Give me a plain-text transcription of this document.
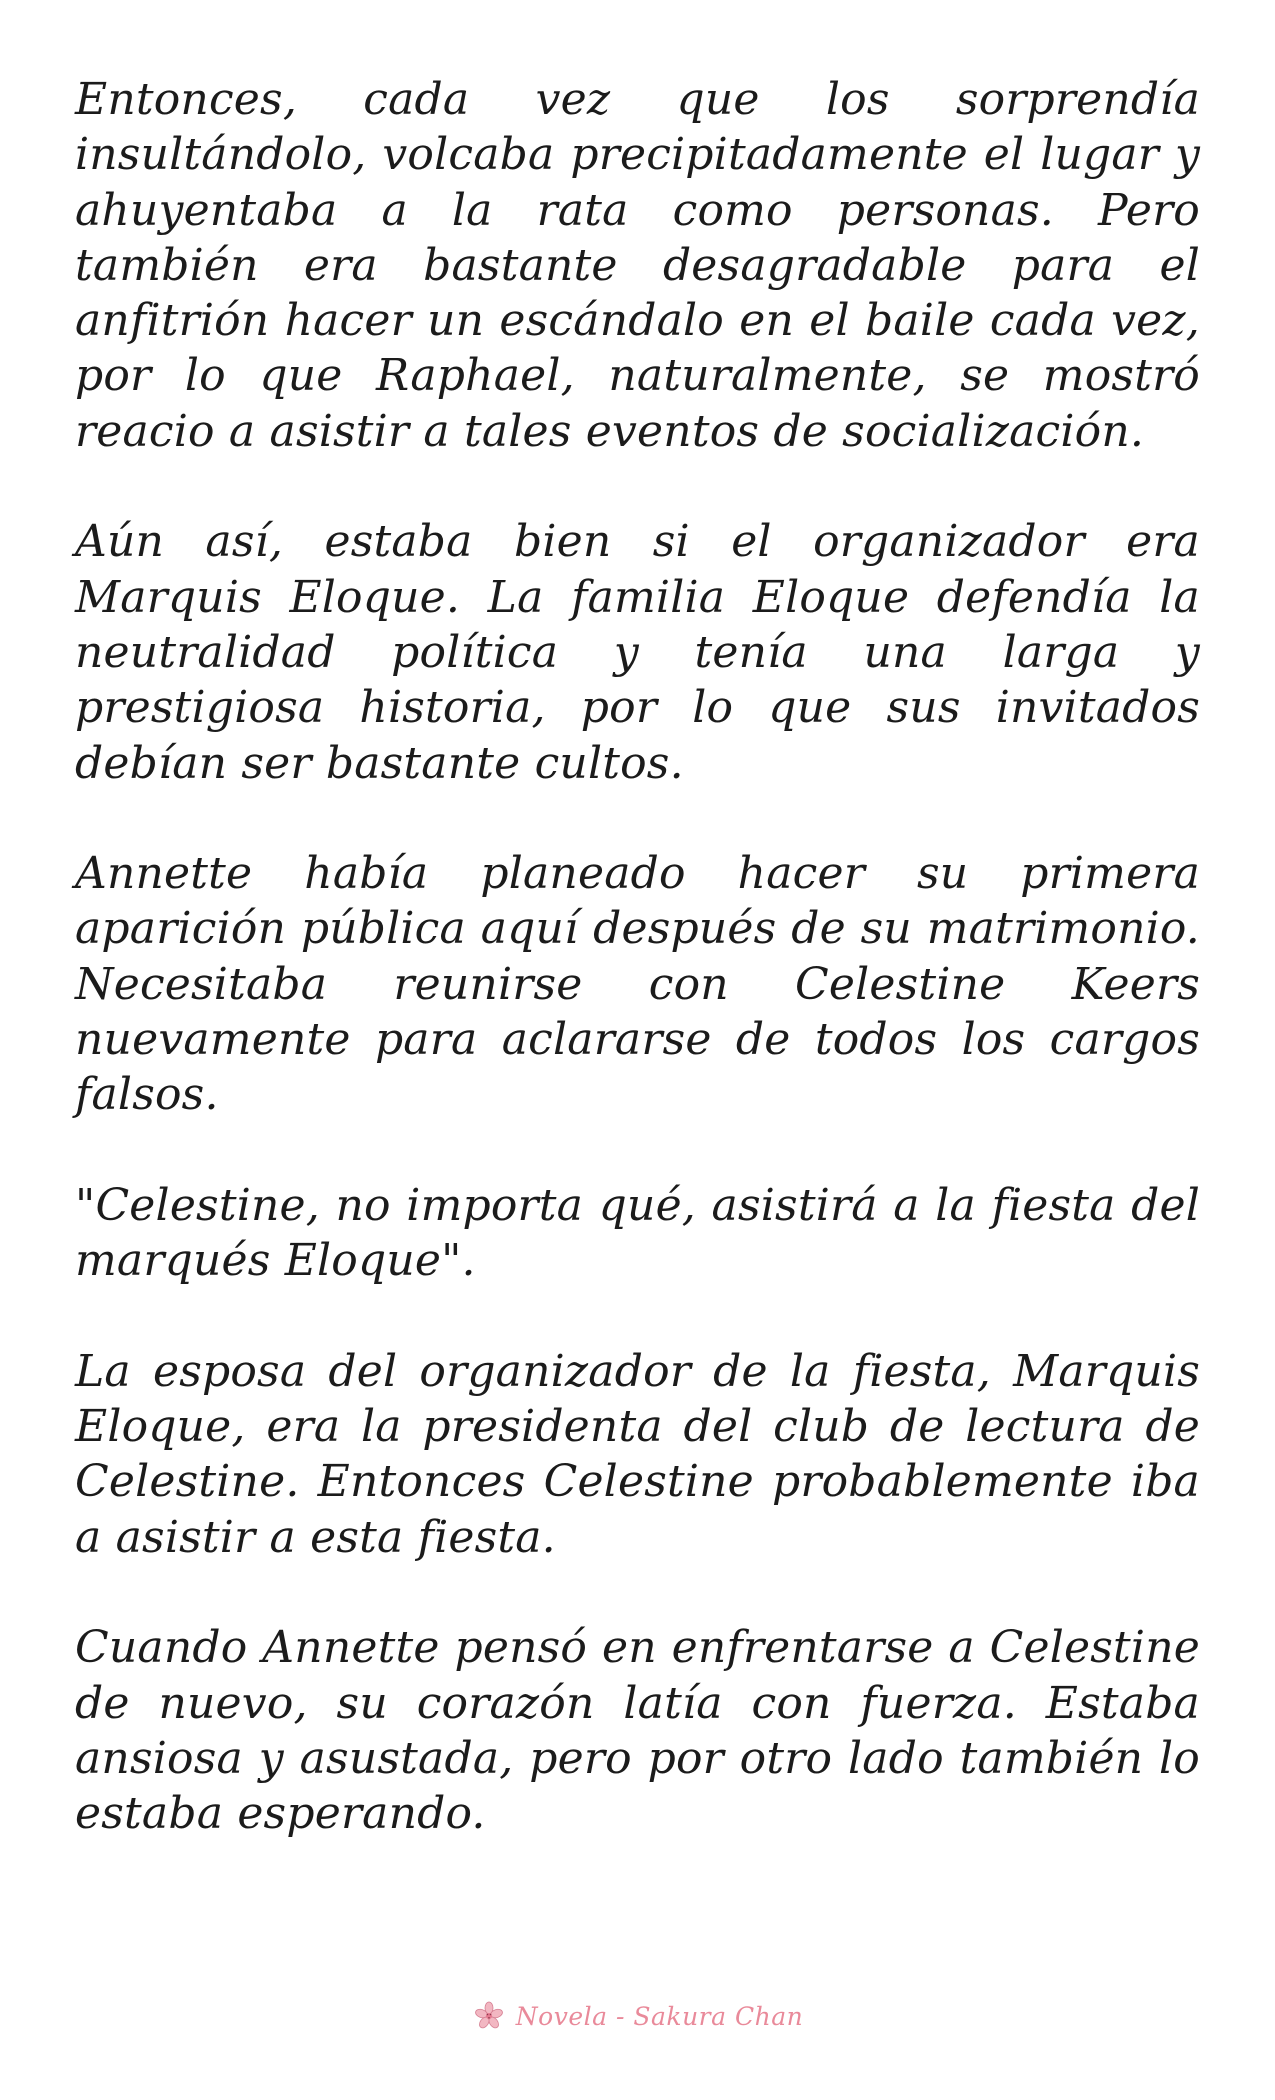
Entonces, cada vez que los sorprendía insultándolo, volcaba precipitadamente el lugar y ahuyentaba a la rata como personas. Pero también era bastante desagradable para el anfitrión hacer un escándalo en el baile cada vez, por lo que Raphael, naturalmente, se mostró reacio a asistir a tales eventos de socialización.

Aún así, estaba bien si el organizador era Marquis Eloque. La familia Eloque defendía la neutralidad política y tenía una larga y prestigiosa historia, por lo que sus invitados debían ser bastante cultos.

Annette había planeado hacer su primera aparición pública aquí después de su matrimonio. Necesitaba reunirse con Celestine Keers nuevamente para aclararse de todos los cargos falsos.

"Celestine, no importa qué, asistirá a la fiesta del marqués Eloque".

La esposa del organizador de la fiesta, Marquis Eloque, era la presidenta del club de lectura de Celestine. Entonces Celestine probablemente iba a asistir a esta fiesta.

Cuando Annette pensó en enfrentarse a Celestine de nuevo, su corazón latía con fuerza. Estaba ansiosa y asustada, pero por otro lado también lo estaba esperando.

Novela - Sakura Chan
